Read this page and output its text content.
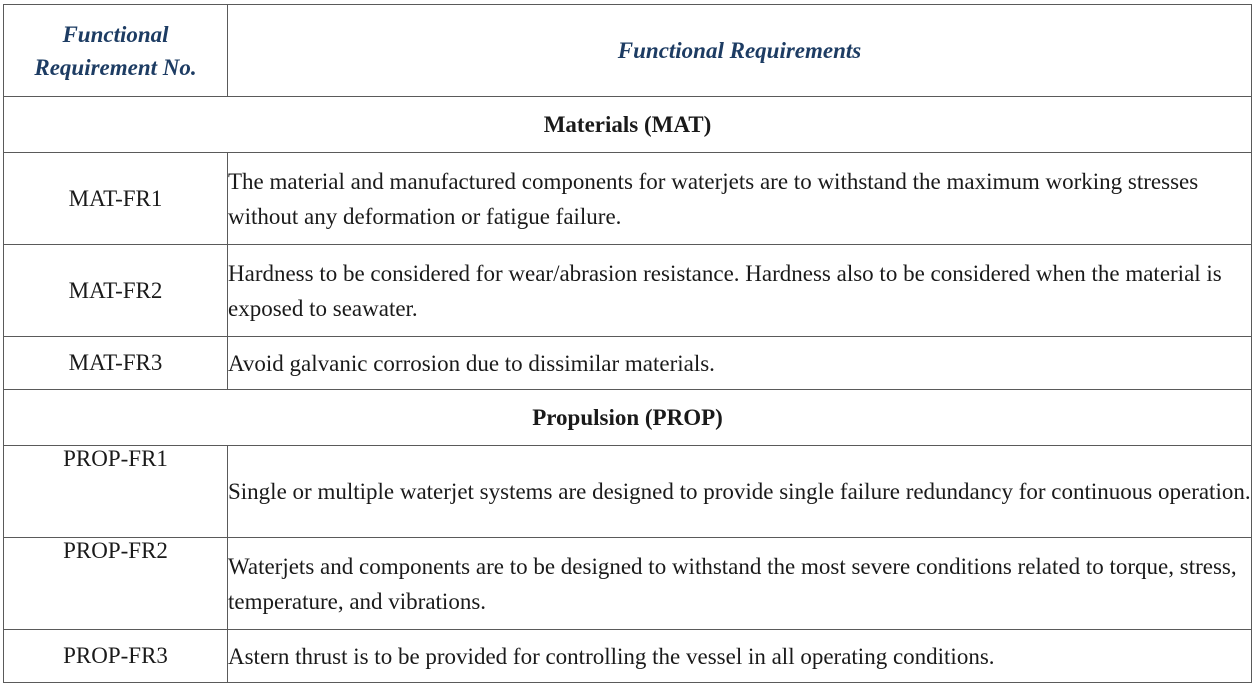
Functional Requirement No.	Functional Requirements
Materials (MAT)	
MAT-FR1	The material and manufactured components for waterjets are to withstand the maximum working stresses without any deformation or fatigue failure.
MAT-FR2	Hardness to be considered for wear/abrasion resistance. Hardness also to be considered when the material is exposed to seawater.
MAT-FR3	Avoid galvanic corrosion due to dissimilar materials.
Propulsion (PROP)	
PROP-FR1	Single or multiple waterjet systems are designed to provide single failure redundancy for continuous operation.
PROP-FR2	Waterjets and components are to be designed to withstand the most severe conditions related to torque, stress, temperature, and vibrations.
PROP-FR3	Astern thrust is to be provided for controlling the vessel in all operating conditions.
